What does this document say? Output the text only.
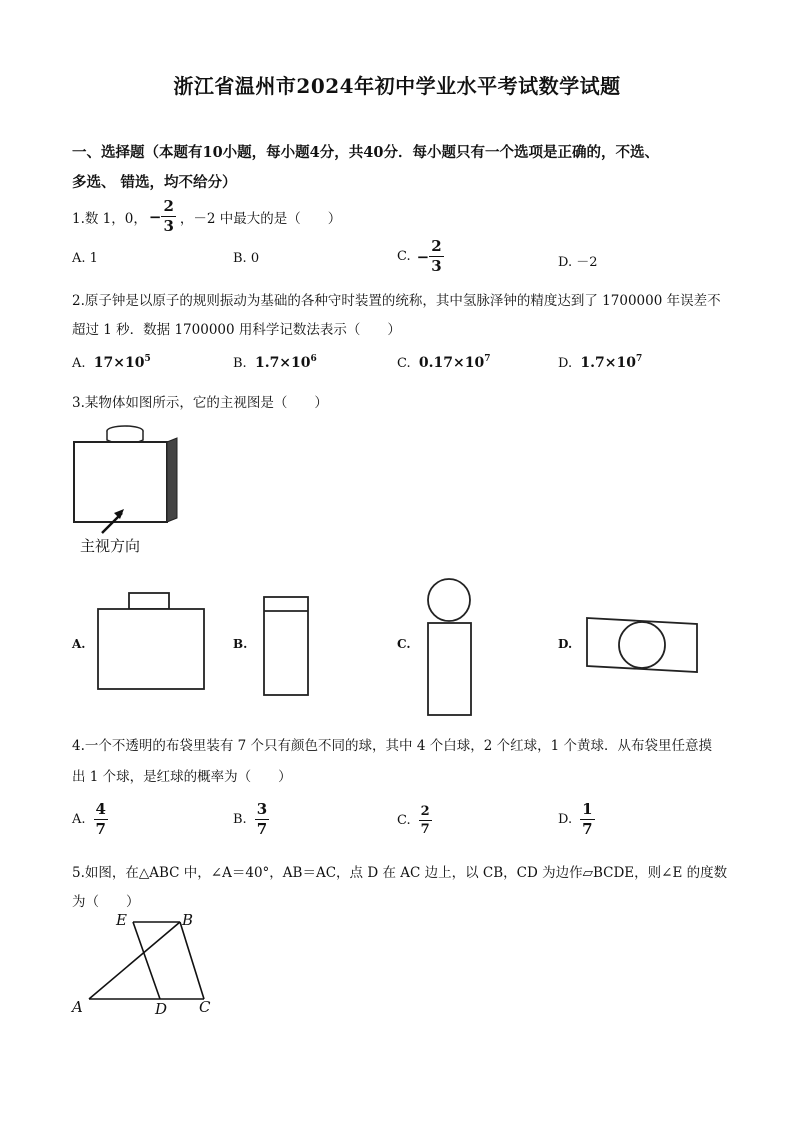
浙江省温州市2024年初中学业水平考试数学试题
一、选择题（本题有10小题，每小题4分，共40分．每小题只有一个选项是正确的，不选、
多选、 错选，均不给分）
1.数 1，0， − $\frac{2}{3}$ ，－2 中最大的是（　　）
A. 1	B. 0	C. − $\frac{2}{3}$	D. －2
2.原子钟是以原子的规则振动为基础的各种守时装置的统称，其中氢脉泽钟的精度达到了 1700000 年误差不
超过 1 秒．数据 1700000 用科学记数法表示（　　）
A. $17\times 10^5$	B. $1.7\times 10^6$	C. $0.17\times 10^7$	D. $1.7\times 10^7$
3.某物体如图所示，它的主视图是（　　）
主视方向
A.	B.	C.	D.
4.一个不透明的布袋里装有 7 个只有颜色不同的球，其中 4 个白球，2 个红球，1 个黄球．从布袋里任意摸
出 1 个球，是红球的概率为（　　）
A. $\frac{4}{7}$	B. $\frac{3}{7}$	C. $\frac{2}{7}$	D. $\frac{1}{7}$
5.如图，在△ABC 中，∠A＝40°，AB＝AC，点 D 在 AC 边上，以 CB，CD 为边作▱BCDE，则∠E 的度数
为（　　）
E	B
A	D C
